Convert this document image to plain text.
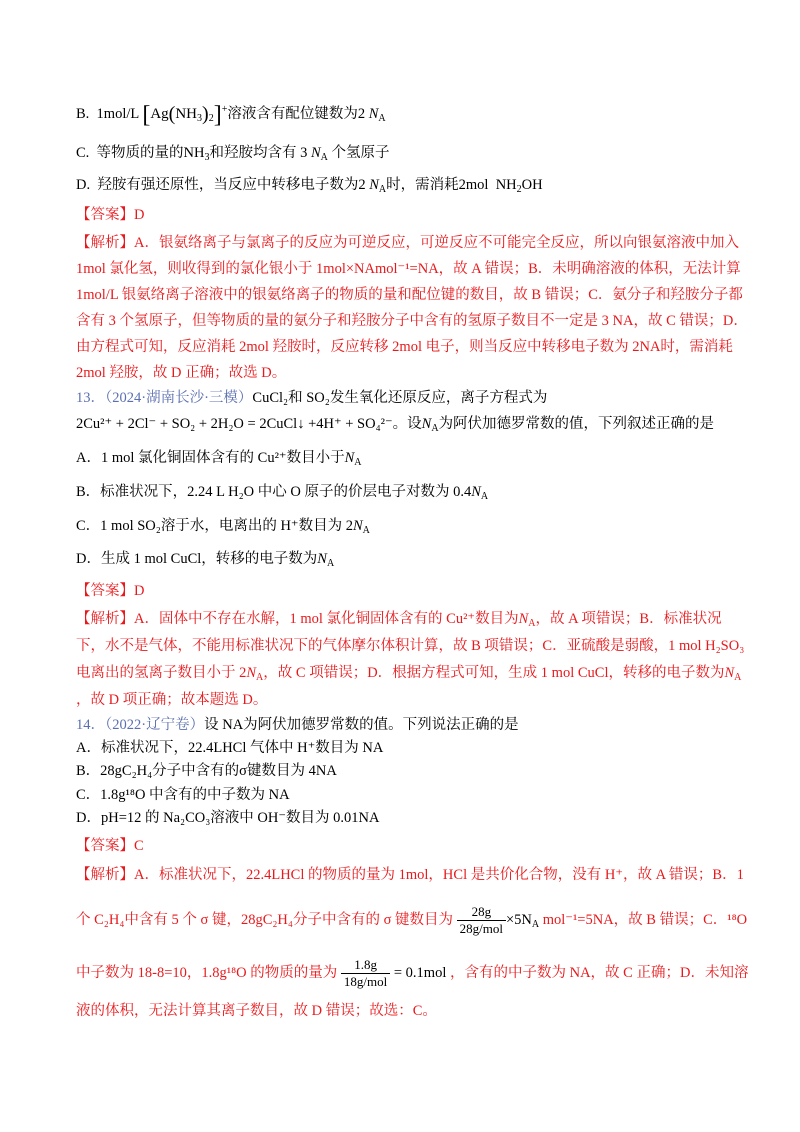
B. 1mol/L $[Ag(NH_3)_2]^+$溶液含有配位键数为2 $N_A$
C. 等物质的量的$NH_3$和羟胺均含有 3 $N_A$ 个氢原子
D. 羟胺有强还原性，当反应中转移电子数为2 $N_A$时，需消耗2mol $NH_2OH$
【答案】D
【解析】A．银氨络离子与氯离子的反应为可逆反应，可逆反应不可能完全反应，所以向银氨溶液中加入
1mol 氯化氢，则收得到的氯化银小于 1mol×NAmol⁻¹=NA，故 A 错误；B．未明确溶液的体积，无法计算
1mol/L 银氨络离子溶液中的银氨络离子的物质的量和配位键的数目，故 B 错误；C．氨分子和羟胺分子都
含有 3 个氢原子，但等物质的量的氨分子和羟胺分子中含有的氢原子数目不一定是 3 NA，故 C 错误；D．
由方程式可知，反应消耗 2mol 羟胺时，反应转移 2mol 电子，则当反应中转移电子数为 2NA时，需消耗
2mol 羟胺，故 D 正确；故选 D。
13．（2024·湖南长沙·三模）CuCl₂和 SO₂发生氧化还原反应，离子方程式为
2Cu²⁺ + 2Cl⁻ + SO₂ + 2H₂O = 2CuCl↓ +4H⁺ + SO₄²⁻。设$N_A$为阿伏加德罗常数的值，下列叙述正确的是
A．1 mol 氯化铜固体含有的 Cu²⁺数目小于$N_A$
B．标准状况下，2.24 L H₂O 中心 O 原子的价层电子对数为 $0.4N_A$
C．1 mol SO₂溶于水，电离出的 H⁺数目为 $2N_A$
D．生成 1 mol CuCl，转移的电子数为$N_A$
【答案】D
【解析】A．固体中不存在水解，1 mol 氯化铜固体含有的 Cu²⁺数目为$N_A$，故 A 项错误；B．标准状况
下，水不是气体，不能用标准状况下的气体摩尔体积计算，故 B 项错误；C．亚硫酸是弱酸，1 mol H₂SO₃
电离出的氢离子数目小于 $2N_A$，故 C 项错误；D．根据方程式可知，生成 1 mol CuCl，转移的电子数为$N_A$
，故 D 项正确；故本题选 D。
14．（2022·辽宁卷）设 NA为阿伏加德罗常数的值。下列说法正确的是
A．标准状况下，22.4LHCl 气体中 H⁺数目为 NA
B．28gC₂H₄分子中含有的σ键数目为 4NA
C．1.8g¹⁸O 中含有的中子数为 NA
D．pH=12 的 Na₂CO₃溶液中 OH⁻数目为 0.01NA
【答案】C
【解析】A．标准状况下，22.4LHCl 的物质的量为 1mol，HCl 是共价化合物，没有 H⁺，故 A 错误；B．1
个 C₂H₄中含有 5 个 σ 键，28gC₂H₄分子中含有的 σ 键数目为 $\frac{28g}{\text{28g/mol}} \times 5N_A$ mol⁻¹=5NA，故 B 错误；C．¹⁸O
中子数为 18-8=10，1.8g¹⁸O 的物质的量为 $\frac{1.8g}{\text{18g/mol}} = 0.1mol$ ，含有的中子数为 NA，故 C 正确；D．未知溶
液的体积，无法计算其离子数目，故 D 错误；故选：C。
